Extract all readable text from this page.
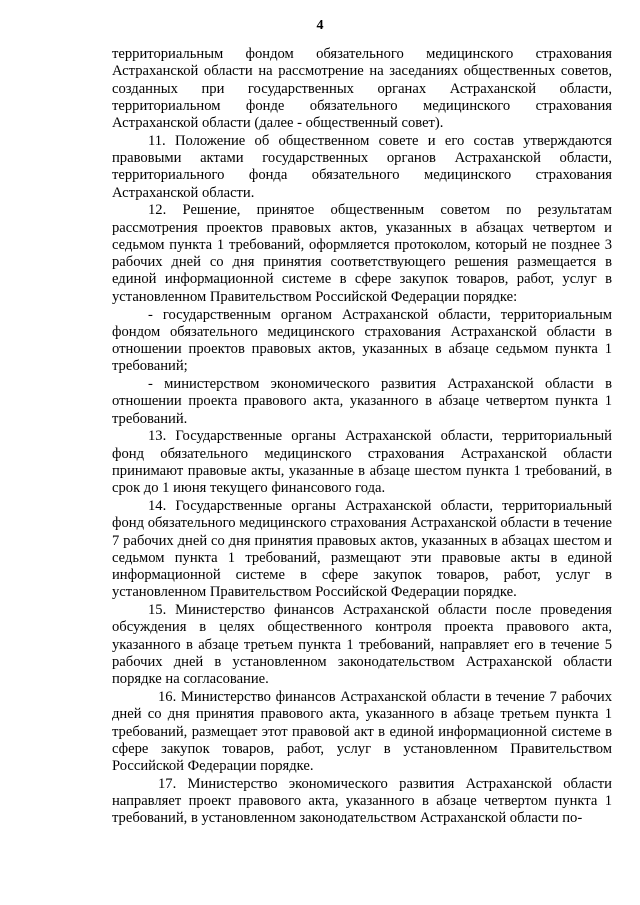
4

территориальным фондом обязательного медицинского страхования Астраханской области на рассмотрение на заседаниях общественных советов, созданных при государственных органах Астраханской области, территориальном фонде обязательного медицинского страхования Астраханской области (далее - общественный совет).

11. Положение об общественном совете и его состав утверждаются правовыми актами государственных органов Астраханской области, территориального фонда обязательного медицинского страхования Астраханской области.

12. Решение, принятое общественным советом по результатам рассмотрения проектов правовых актов, указанных в абзацах четвертом и седьмом пункта 1 требований, оформляется протоколом, который не позднее 3 рабочих дней со дня принятия соответствующего решения размещается в единой информационной системе в сфере закупок товаров, работ, услуг в установленном Правительством Российской Федерации порядке:

- государственным органом Астраханской области, территориальным фондом обязательного медицинского страхования Астраханской области в отношении проектов правовых актов, указанных в абзаце седьмом пункта 1 требований;

- министерством экономического развития Астраханской области в отношении проекта правового акта, указанного в абзаце четвертом пункта 1 требований.

13. Государственные органы Астраханской области, территориальный фонд обязательного медицинского страхования Астраханской области принимают правовые акты, указанные в абзаце шестом пункта 1 требований, в срок до 1 июня текущего финансового года.

14. Государственные органы Астраханской области, территориальный фонд обязательного медицинского страхования Астраханской области в течение 7 рабочих дней со дня принятия правовых актов, указанных в абзацах шестом и седьмом пункта 1 требований, размещают эти правовые акты в единой информационной системе в сфере закупок товаров, работ, услуг в установленном Правительством Российской Федерации порядке.

15. Министерство финансов Астраханской области после проведения обсуждения в целях общественного контроля проекта правового акта, указанного в абзаце третьем пункта 1 требований, направляет его в течение 5 рабочих дней в установленном законодательством Астраханской области порядке на согласование.

16. Министерство финансов Астраханской области в течение 7 рабочих дней со дня принятия правового акта, указанного в абзаце третьем пункта 1 требований, размещает этот правовой акт в единой информационной системе в сфере закупок товаров, работ, услуг в установленном Правительством Российской Федерации порядке.

17. Министерство экономического развития Астраханской области направляет проект правового акта, указанного в абзаце четвертом пункта 1 требований, в установленном законодательством Астраханской области по-
